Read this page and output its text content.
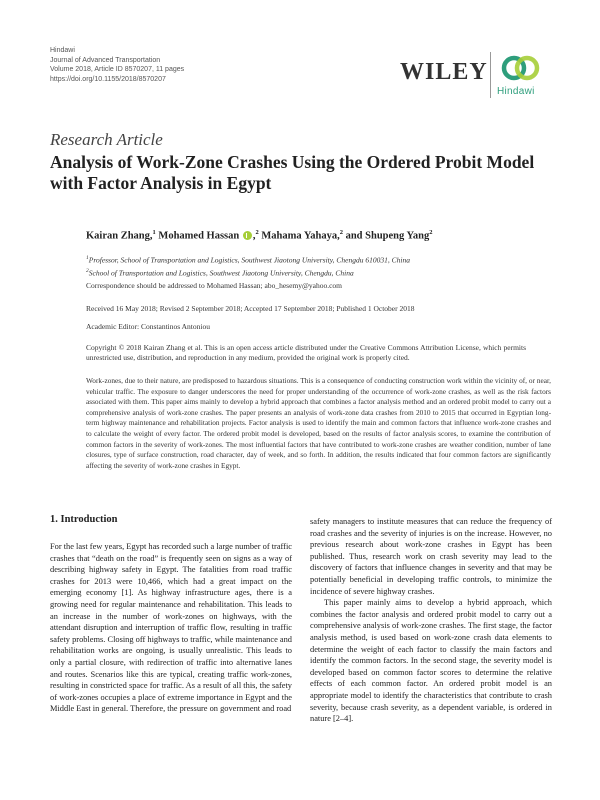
Hindawi
Journal of Advanced Transportation
Volume 2018, Article ID 8570207, 11 pages
https://doi.org/10.1155/2018/8570207	WILEY
Hindawi
Research Article
Analysis of Work-Zone Crashes Using the Ordered Probit Model with Factor Analysis in Egypt
Kairan Zhang,$^1$ Mohamed Hassan ,$^2$ Mahama Yahaya,$^2$ and Shupeng Yang$^2$
$^1$Professor, School of Transportation and Logistics, Southwest Jiaotong University, Chengdu 610031, China
$^2$School of Transportation and Logistics, Southwest Jiaotong University, Chengdu, China
Correspondence should be addressed to Mohamed Hassan; abo_hesemy@yahoo.com
Received 16 May 2018; Revised 2 September 2018; Accepted 17 September 2018; Published 1 October 2018
Academic Editor: Constantinos Antoniou
Copyright © 2018 Kairan Zhang et al. This is an open access article distributed under the Creative Commons Attribution License, which permits unrestricted use, distribution, and reproduction in any medium, provided the original work is properly cited.
Work-zones, due to their nature, are predisposed to hazardous situations. This is a consequence of conducting construction work within the vicinity of, or near, vehicular traffic. The exposure to danger underscores the need for proper understanding of the occurrence of work-zone crashes, as well as the risk factors associated with them. This paper aims mainly to develop a hybrid approach that combines a factor analysis method and an ordered probit model to carry out a comprehensive analysis of work-zone crashes. The paper presents an analysis of work-zone data crashes from 2010 to 2015 that occurred in Egyptian long-term highway maintenance and rehabilitation projects. Factor analysis is used to identify the main and common factors that influence work-zone crashes and to calculate the weight of every factor. The ordered probit model is developed, based on the results of factor analysis scores, to examine the contribution of common factors in the severity of work-zones. The most influential factors that have contributed to work-zone crashes are weather condition, number of lane closures, type of surface construction, road character, day of week, and so forth. In addition, the results indicated that four common factors are significantly affecting the severity of work-zone crashes in Egypt.
1. Introduction

For the last few years, Egypt has recorded such a large number of traffic crashes that “death on the road” is frequently seen on signs as a way of describing highway safety in Egypt. The fatalities from road traffic crashes for 2013 were 10,466, which had a great impact on the emerging economy [1]. As highway infrastructure ages, there is a growing need for regular maintenance and rehabilitation. This leads to an increase in the number of work-zones on highways, with the attendant disruption and interruption of traffic flow, resulting in traffic safety problems. Closing off highways to traffic, while maintenance and rehabilitation works are ongoing, is usually unrealistic. This leads to only a partial closure, with redirection of traffic into alternative lanes and routes. Scenarios like this are typical, creating traffic work-zones, resulting in constricted space for traffic. As a result of all this, the safety of work-zones occupies a place of extreme importance in Egypt and the Middle East in general. Therefore, the pressure on government and road

safety managers to institute measures that can reduce the frequency of road crashes and the severity of injuries is on the increase. However, no previous research about work-zone crashes in Egypt has been published. Thus, research work on crash severity may lead to the discovery of factors that influence changes in severity and that may be potentially beneficial in developing traffic controls, to minimize the incidence of severe highway crashes.

This paper mainly aims to develop a hybrid approach, which combines the factor analysis and ordered probit model to carry out a comprehensive analysis of work-zone crashes. The first stage, the factor analysis method, is used based on work-zone crash data elements to determine the weight of each factor to classify the main factors and identify the common factors. In the second stage, the severity model is developed based on common factor scores to determine the relative effects of each common factor. An ordered probit model is an appropriate model to identify the characteristics that contribute to crash severity, because crash severity, as a dependent variable, is ordered in nature [2–4].
